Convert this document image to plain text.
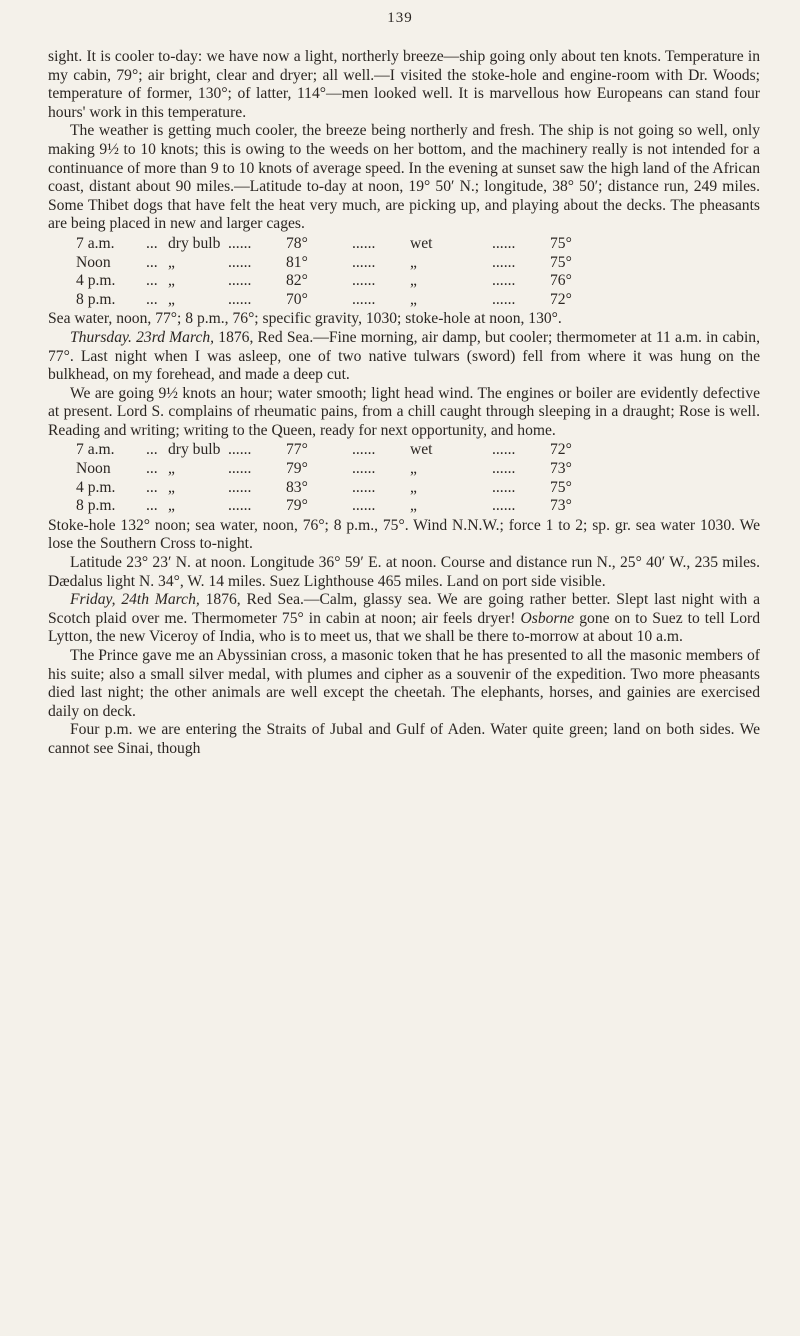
139

sight. It is cooler to-day: we have now a light, northerly breeze—ship going only about ten knots. Temperature in my cabin, 79°; air bright, clear and dryer; all well.—I visited the stoke-hole and engine-room with Dr. Woods; temperature of former, 130°; of latter, 114°—men looked well. It is marvellous how Europeans can stand four hours' work in this temperature.

The weather is getting much cooler, the breeze being northerly and fresh. The ship is not going so well, only making 9½ to 10 knots; this is owing to the weeds on her bottom, and the machinery really is not intended for a continuance of more than 9 to 10 knots of average speed. In the evening at sunset saw the high land of the African coast, distant about 90 miles.—Latitude to-day at noon, 19° 50′ N.; longitude, 38° 50′; distance run, 249 miles. Some Thibet dogs that have felt the heat very much, are picking up, and playing about the decks. The pheasants are being placed in new and larger cages.

7 a.m.	...	dry bulb	......	78°	......	wet	......	75°
Noon	...	„	......	81°	......	„	......	75°
4 p.m.	...	„	......	82°	......	„	......	76°
8 p.m.	...	„	......	70°	......	„	......	72°

Sea water, noon, 77°; 8 p.m., 76°; specific gravity, 1030; stoke-hole at noon, 130°.

Thursday. 23rd March, 1876, Red Sea.—Fine morning, air damp, but cooler; thermometer at 11 a.m. in cabin, 77°. Last night when I was asleep, one of two native tulwars (sword) fell from where it was hung on the bulkhead, on my forehead, and made a deep cut.

We are going 9½ knots an hour; water smooth; light head wind. The engines or boiler are evidently defective at present. Lord S. complains of rheumatic pains, from a chill caught through sleeping in a draught; Rose is well. Reading and writing; writing to the Queen, ready for next opportunity, and home.

7 a.m.	...	dry bulb	......	77°	......	wet	......	72°
Noon	...	„	......	79°	......	„	......	73°
4 p.m.	...	„	......	83°	......	„	......	75°
8 p.m.	...	„	......	79°	......	„	......	73°

Stoke-hole 132° noon; sea water, noon, 76°; 8 p.m., 75°. Wind N.N.W.; force 1 to 2; sp. gr. sea water 1030. We lose the Southern Cross to-night.

Latitude 23° 23′ N. at noon. Longitude 36° 59′ E. at noon. Course and distance run N., 25° 40′ W., 235 miles. Dædalus light N. 34°, W. 14 miles. Suez Lighthouse 465 miles. Land on port side visible.

Friday, 24th March, 1876, Red Sea.—Calm, glassy sea. We are going rather better. Slept last night with a Scotch plaid over me. Thermometer 75° in cabin at noon; air feels dryer! Osborne gone on to Suez to tell Lord Lytton, the new Viceroy of India, who is to meet us, that we shall be there to-morrow at about 10 a.m.

The Prince gave me an Abyssinian cross, a masonic token that he has presented to all the masonic members of his suite; also a small silver medal, with plumes and cipher as a souvenir of the expedition. Two more pheasants died last night; the other animals are well except the cheetah. The elephants, horses, and gainies are exercised daily on deck.

Four p.m. we are entering the Straits of Jubal and Gulf of Aden. Water quite green; land on both sides. We cannot see Sinai, though
